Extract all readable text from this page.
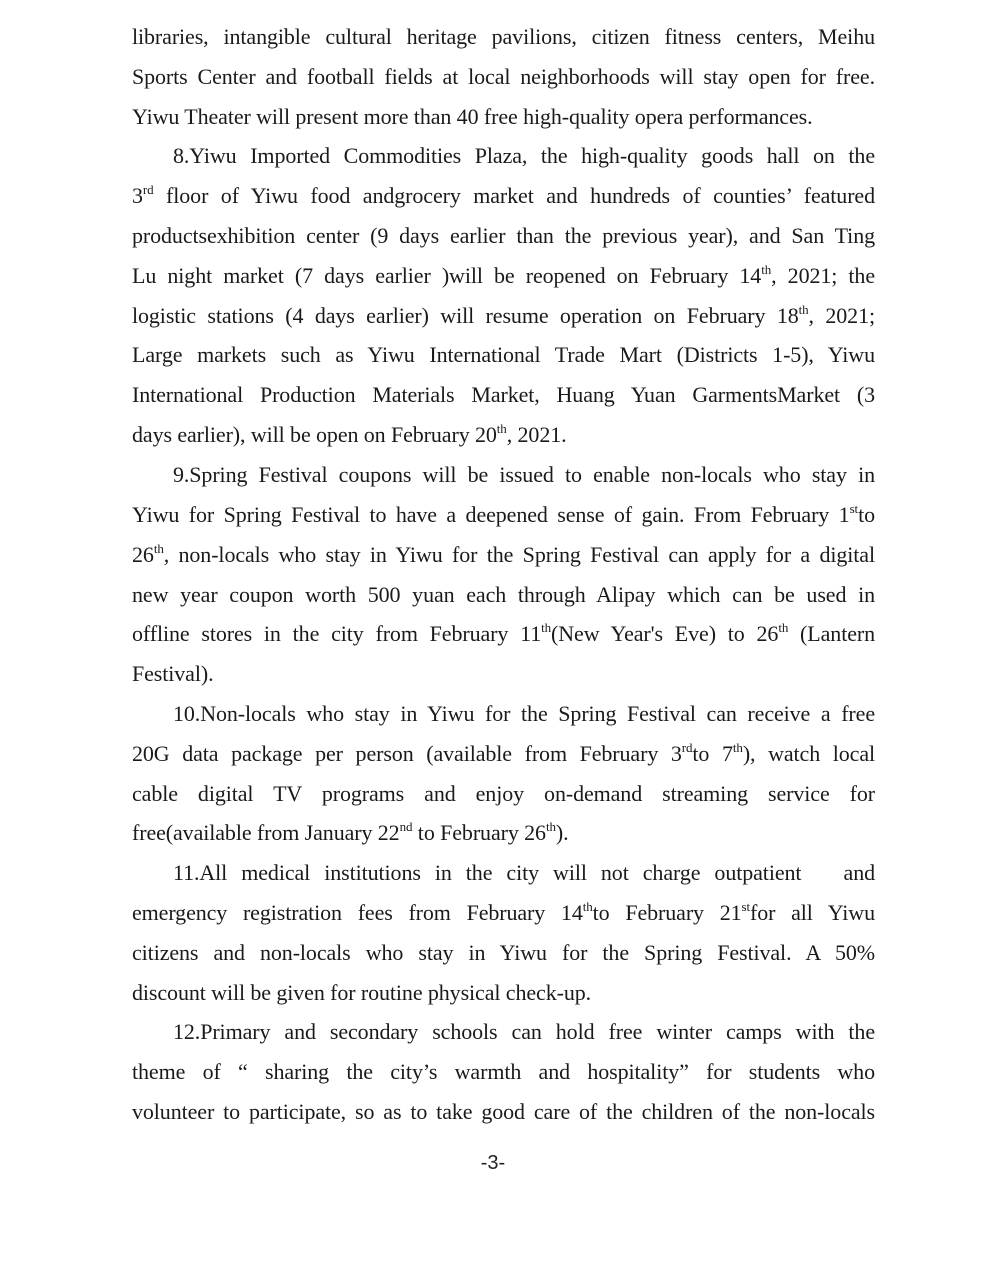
libraries, intangible cultural heritage pavilions, citizen fitness centers, Meihu
Sports Center and football fields at local neighborhoods will stay open for free.
Yiwu Theater will present more than 40 free high-quality opera performances.
8.Yiwu Imported Commodities Plaza, the high-quality goods hall on the
3rd floor of Yiwu food andgrocery market and hundreds of counties’ featured
productsexhibition center (9 days earlier than the previous year), and San Ting
Lu night market (7 days earlier )will be reopened on February 14th, 2021; the
logistic stations (4 days earlier) will resume operation on February 18th, 2021;
Large markets such as Yiwu International Trade Mart (Districts 1-5), Yiwu
International Production Materials Market, Huang Yuan GarmentsMarket (3
days earlier), will be open on February 20th, 2021.
9.Spring Festival coupons will be issued to enable non-locals who stay in
Yiwu for Spring Festival to have a deepened sense of gain. From February 1stto
26th, non-locals who stay in Yiwu for the Spring Festival can apply for a digital
new year coupon worth 500 yuan each through Alipay which can be used in
offline stores in the city from February 11th(New Year's Eve) to 26th (Lantern
Festival).
10.Non-locals who stay in Yiwu for the Spring Festival can receive a free
20G data package per person (available from February 3rdto 7th), watch local
cable digital TV programs and enjoy on-demand streaming service for
free(available from January 22nd to February 26th).
11.All medical institutions in the city will not charge outpatient   and
emergency registration fees from February 14thto February 21stfor all Yiwu
citizens and non-locals who stay in Yiwu for the Spring Festival. A 50%
discount will be given for routine physical check-up.
12.Primary and secondary schools can hold free winter camps with the
theme of “ sharing the city’s warmth and hospitality” for students who
volunteer to participate, so as to take good care of the children of the non-locals
-3-
